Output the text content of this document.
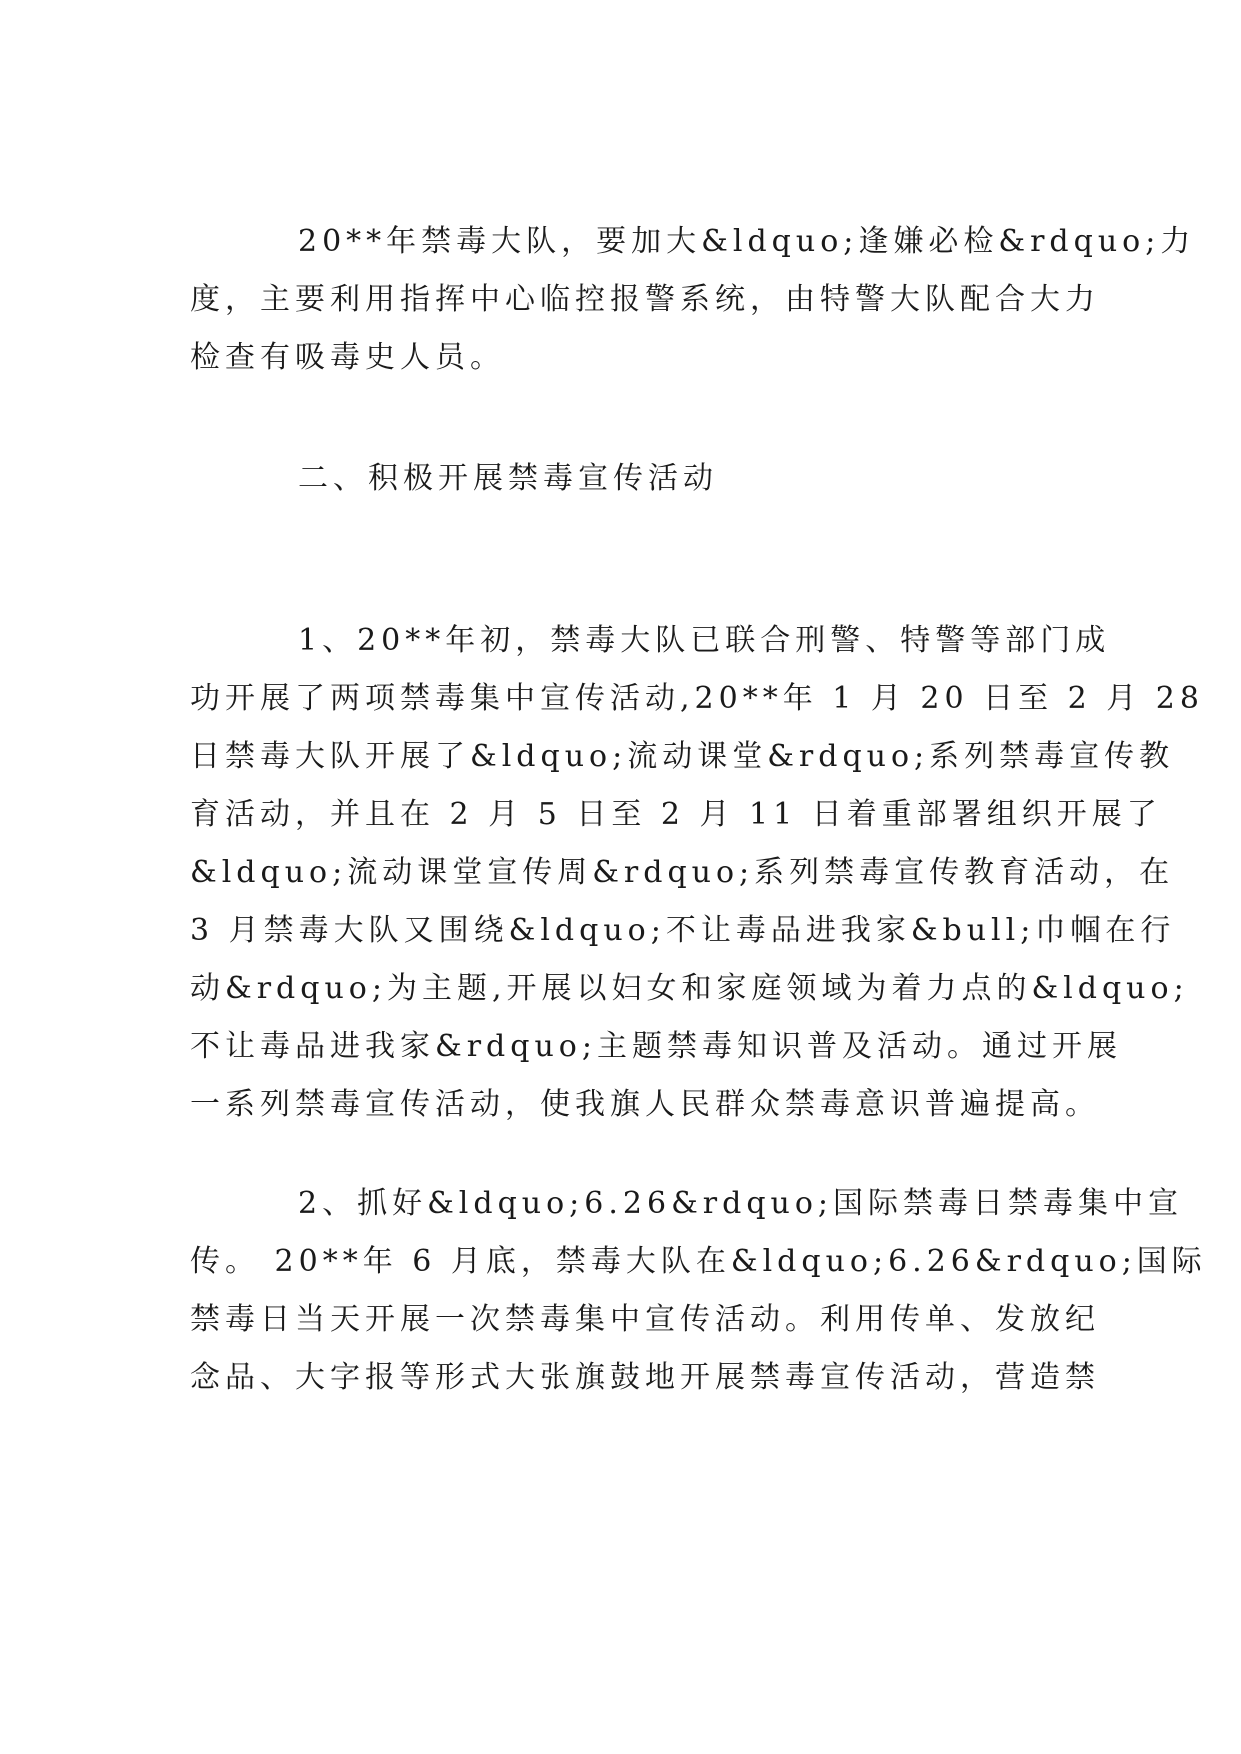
20**年禁毒大队，要加大&ldquo;逢嫌必检&rdquo;力
度，主要利用指挥中心临控报警系统，由特警大队配合大力
检查有吸毒史人员。

二、积极开展禁毒宣传活动

1、20**年初，禁毒大队已联合刑警、特警等部门成
功开展了两项禁毒集中宣传活动,20**年 1 月 20 日至 2 月 28
日禁毒大队开展了&ldquo;流动课堂&rdquo;系列禁毒宣传教
育活动，并且在 2 月 5 日至 2 月 11 日着重部署组织开展了
&ldquo;流动课堂宣传周&rdquo;系列禁毒宣传教育活动，在
3 月禁毒大队又围绕&ldquo;不让毒品进我家&bull;巾帼在行
动&rdquo;为主题,开展以妇女和家庭领域为着力点的&ldquo;
不让毒品进我家&rdquo;主题禁毒知识普及活动。通过开展
一系列禁毒宣传活动，使我旗人民群众禁毒意识普遍提高。

2、抓好&ldquo;6.26&rdquo;国际禁毒日禁毒集中宣
传。 20**年 6 月底，禁毒大队在&ldquo;6.26&rdquo;国际
禁毒日当天开展一次禁毒集中宣传活动。利用传单、发放纪
念品、大字报等形式大张旗鼓地开展禁毒宣传活动，营造禁
